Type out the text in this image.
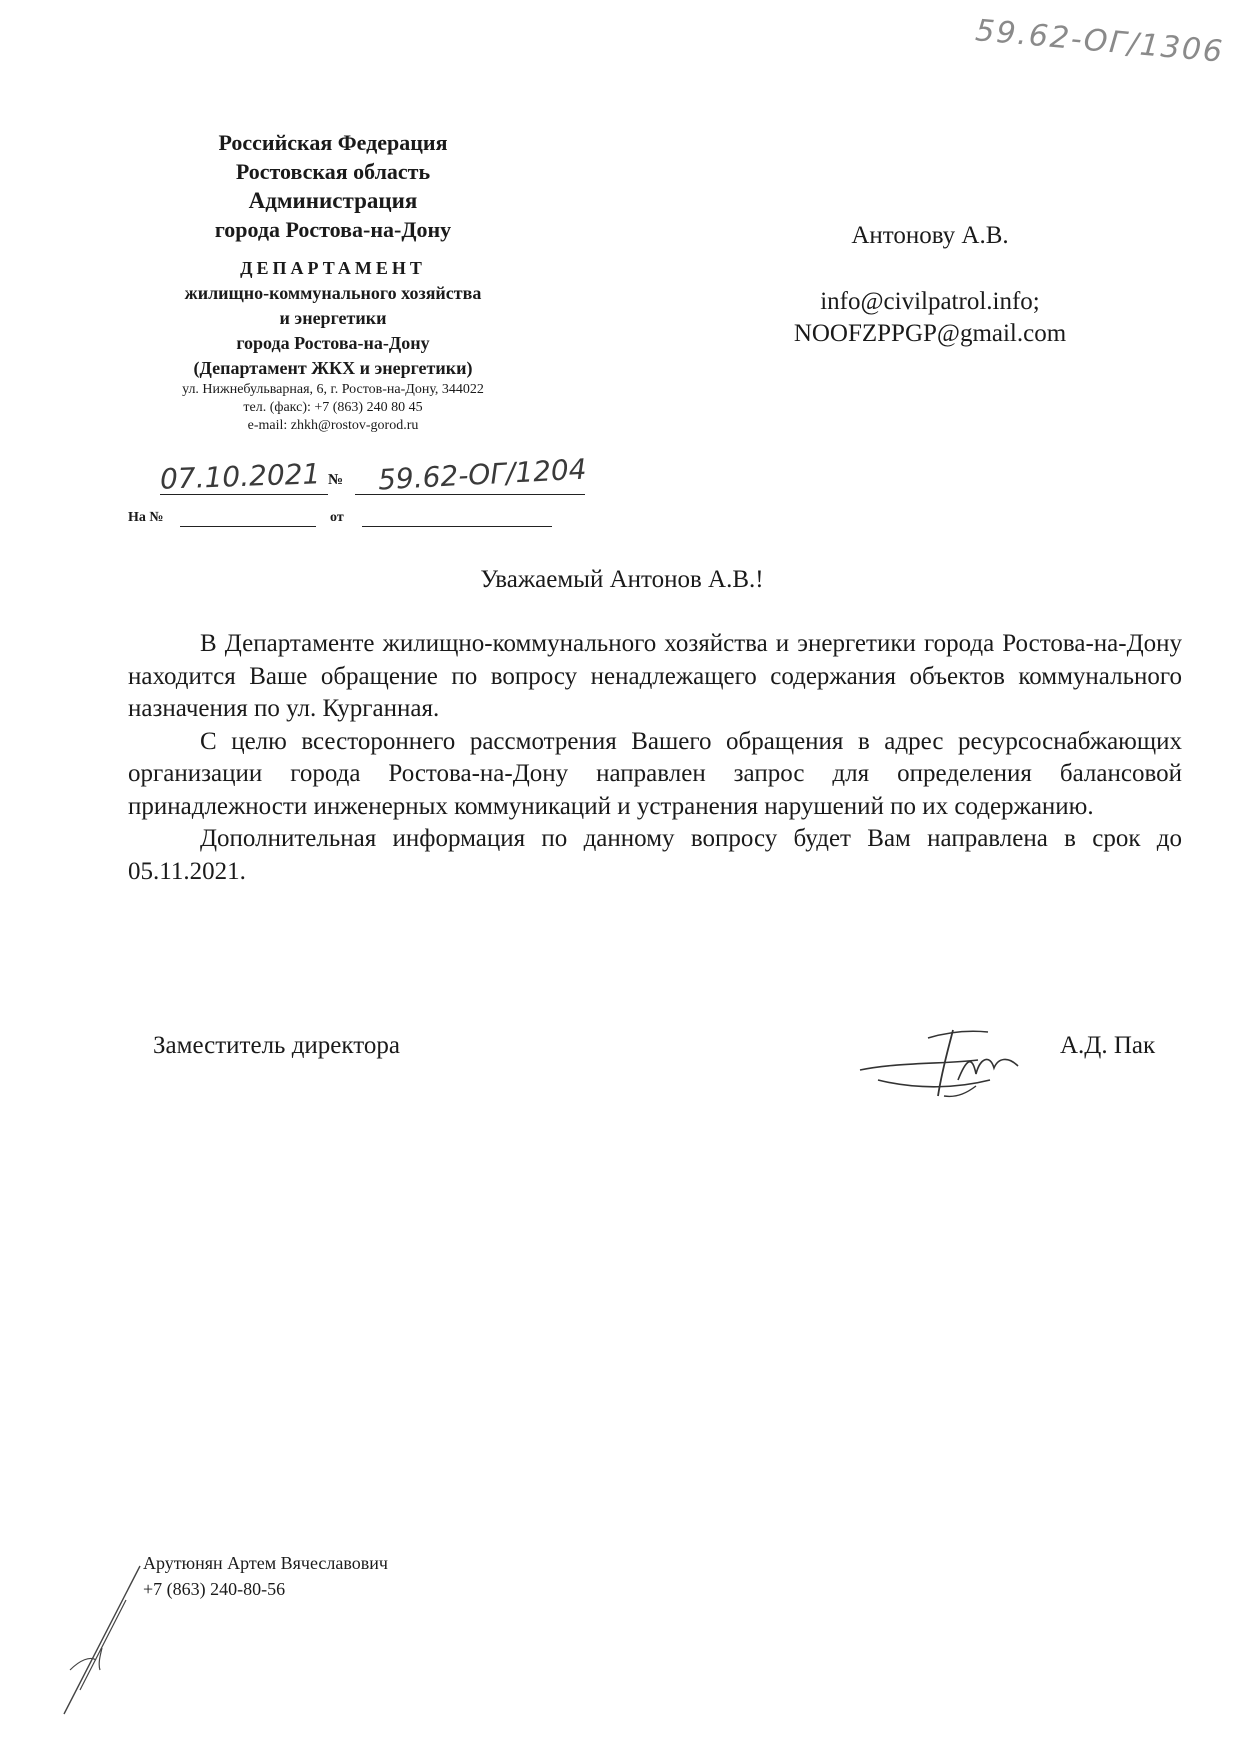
59.62-ОГ/1306
Российская Федерация
Ростовская область
Администрация
города Ростова-на-Дону
ДЕПАРТАМЕНТ
жилищно-коммунального хозяйства
и энергетики
города Ростова-на-Дону
(Департамент ЖКХ и энергетики)
ул. Нижнебульварная, 6, г. Ростов-на-Дону, 344022
тел. (факс): +7 (863) 240 80 45
e-mail: zhkh@rostov-gorod.ru
07.10.2021 № 59.62-ОГ/1204
На №	от
Антонову А.В.
info@civilpatrol.info;
NOOFZPPGP@gmail.com
Уважаемый Антонов А.В.!

В Департаменте жилищно-коммунального хозяйства и энергетики города Ростова-на-Дону находится Ваше обращение по вопросу ненадлежащего содержания объектов коммунального назначения по ул. Курганная.

С целю всестороннего рассмотрения Вашего обращения в адрес ресурсоснабжающих организации города Ростова-на-Дону направлен запрос для определения балансовой принадлежности инженерных коммуникаций и устранения нарушений по их содержанию.

Дополнительная информация по данному вопросу будет Вам направлена в срок до   05.11.2021.

Заместитель директора	А.Д. Пак
Арутюнян Артем Вячеславович
+7 (863) 240-80-56
